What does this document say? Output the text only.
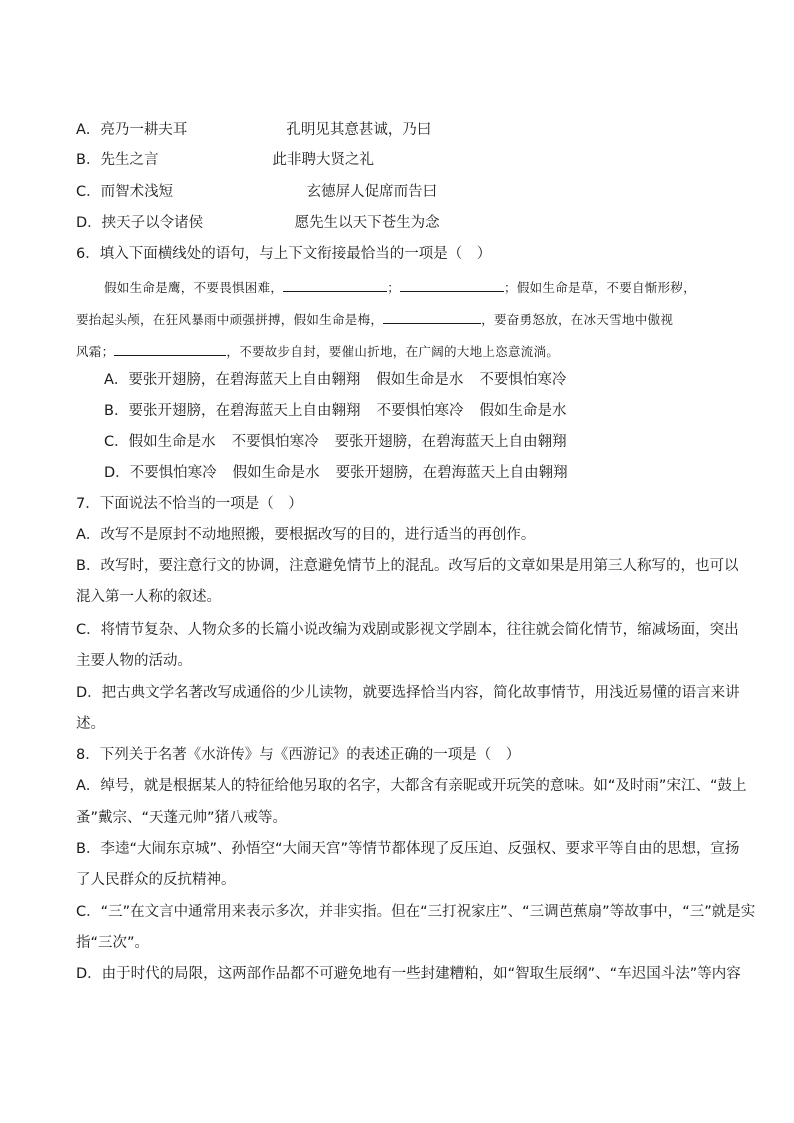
A．亮乃一耕夫耳	孔明见其意甚诚，乃曰
B．先生之言	此非聘大贤之礼
C．而智术浅短	玄德屏人促席而告曰
D．挟天子以令诸侯	愿先生以天下苍生为念
6．填入下面横线处的语句，与上下文衔接最恰当的一项是（　）
假如生命是鹰，不要畏惧困难，	；	；假如生命是草，不要自惭形秽，
要抬起头颅，在狂风暴雨中顽强拼搏，假如生命是梅，	，要奋勇怒放，在冰天雪地中傲视
风霜；	，不要故步自封，要催山折地，在广阔的大地上恣意流淌。
A．要张开翅膀，在碧海蓝天上自由翱翔 假如生命是水 不要惧怕寒冷
B．要张开翅膀，在碧海蓝天上自由翱翔 不要惧怕寒冷 假如生命是水
C．假如生命是水 不要惧怕寒冷 要张开翅膀，在碧海蓝天上自由翱翔
D．不要惧怕寒冷 假如生命是水 要张开翅膀，在碧海蓝天上自由翱翔
7．下面说法不恰当的一项是（　）
A．改写不是原封不动地照搬，要根据改写的目的，进行适当的再创作。
B．改写时，要注意行文的协调，注意避免情节上的混乱。改写后的文章如果是用第三人称写的，也可以
混入第一人称的叙述。
C．将情节复杂、人物众多的长篇小说改编为戏剧或影视文学剧本，往往就会简化情节，缩减场面，突出
主要人物的活动。
D．把古典文学名著改写成通俗的少儿读物，就要选择恰当内容，简化故事情节，用浅近易懂的语言来讲
述。
8．下列关于名著《水浒传》与《西游记》的表述正确的一项是（　）
A．绰号，就是根据某人的特征给他另取的名字，大都含有亲昵或开玩笑的意味。如“及时雨”宋江、“鼓上
蚤”戴宗、“天蓬元帅”猪八戒等。
B．李逵“大闹东京城”、孙悟空“大闹天宫”等情节都体现了反压迫、反强权、要求平等自由的思想，宣扬
了人民群众的反抗精神。
C．“三”在文言中通常用来表示多次，并非实指。但在“三打祝家庄”、“三调芭蕉扇”等故事中，“三”就是实
指“三次”。
D．由于时代的局限，这两部作品都不可避免地有一些封建糟粕，如“智取生辰纲”、“车迟国斗法”等内容
